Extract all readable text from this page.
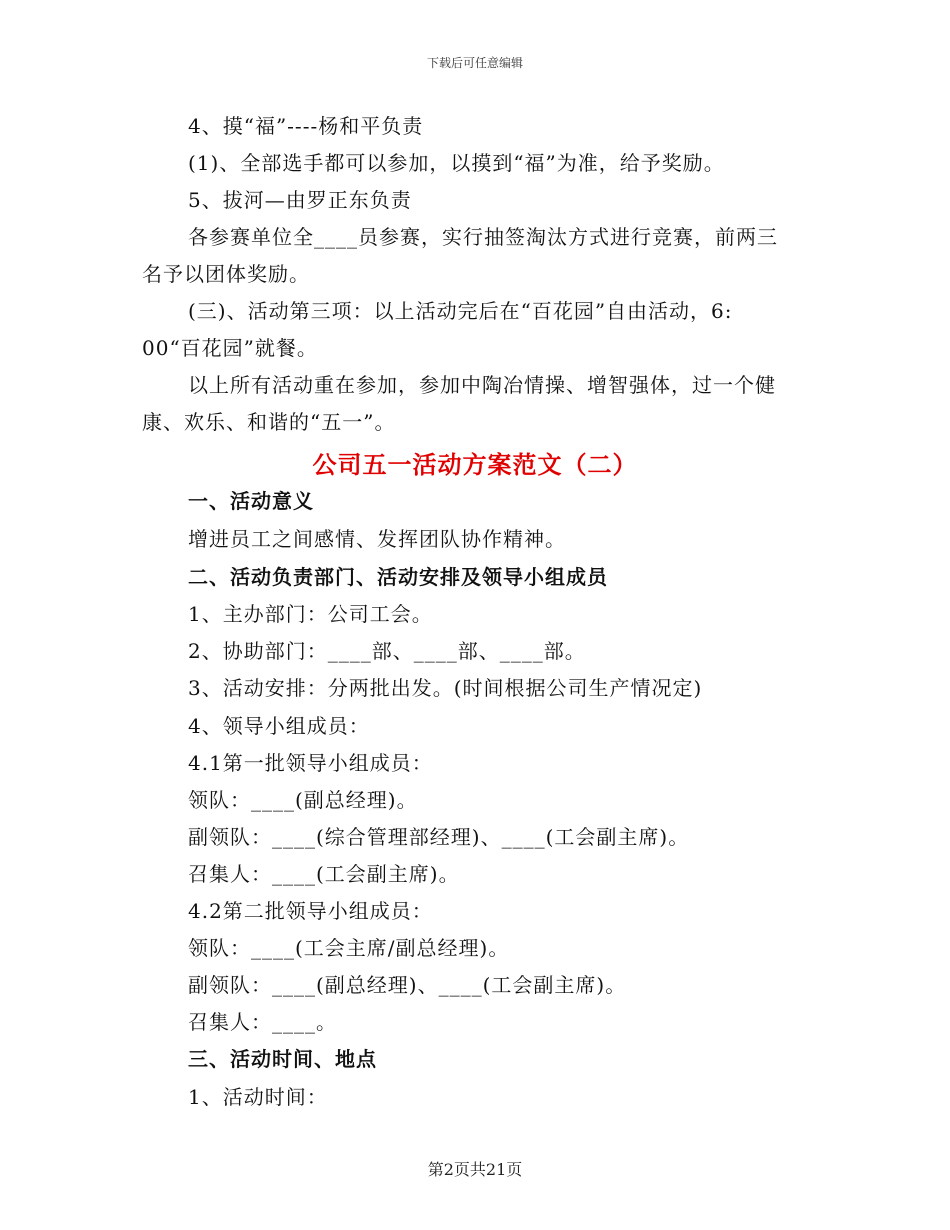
下载后可任意编辑
4、摸“福”----杨和平负责
(1)、全部选手都可以参加，以摸到“福”为准，给予奖励。
5、拔河—由罗正东负责
各参赛单位全____员参赛，实行抽签淘汰方式进行竞赛，前两三
名予以团体奖励。
(三)、活动第三项：以上活动完后在“百花园”自由活动，6:
00“百花园”就餐。
以上所有活动重在参加，参加中陶冶情操、增智强体，过一个健
康、欢乐、和谐的“五一”。
公司五一活动方案范文（二）
一、活动意义
增进员工之间感情、发挥团队协作精神。
二、活动负责部门、活动安排及领导小组成员
1、主办部门：公司工会。
2、协助部门：____部、____部、____部。
3、活动安排：分两批出发。(时间根据公司生产情况定)
4、领导小组成员：
4.1第一批领导小组成员：
领队：____(副总经理)。
副领队：____(综合管理部经理)、____(工会副主席)。
召集人：____(工会副主席)。
4.2第二批领导小组成员：
领队：____(工会主席/副总经理)。
副领队：____(副总经理)、____(工会副主席)。
召集人：____。
三、活动时间、地点
1、活动时间：
第2页共21页
